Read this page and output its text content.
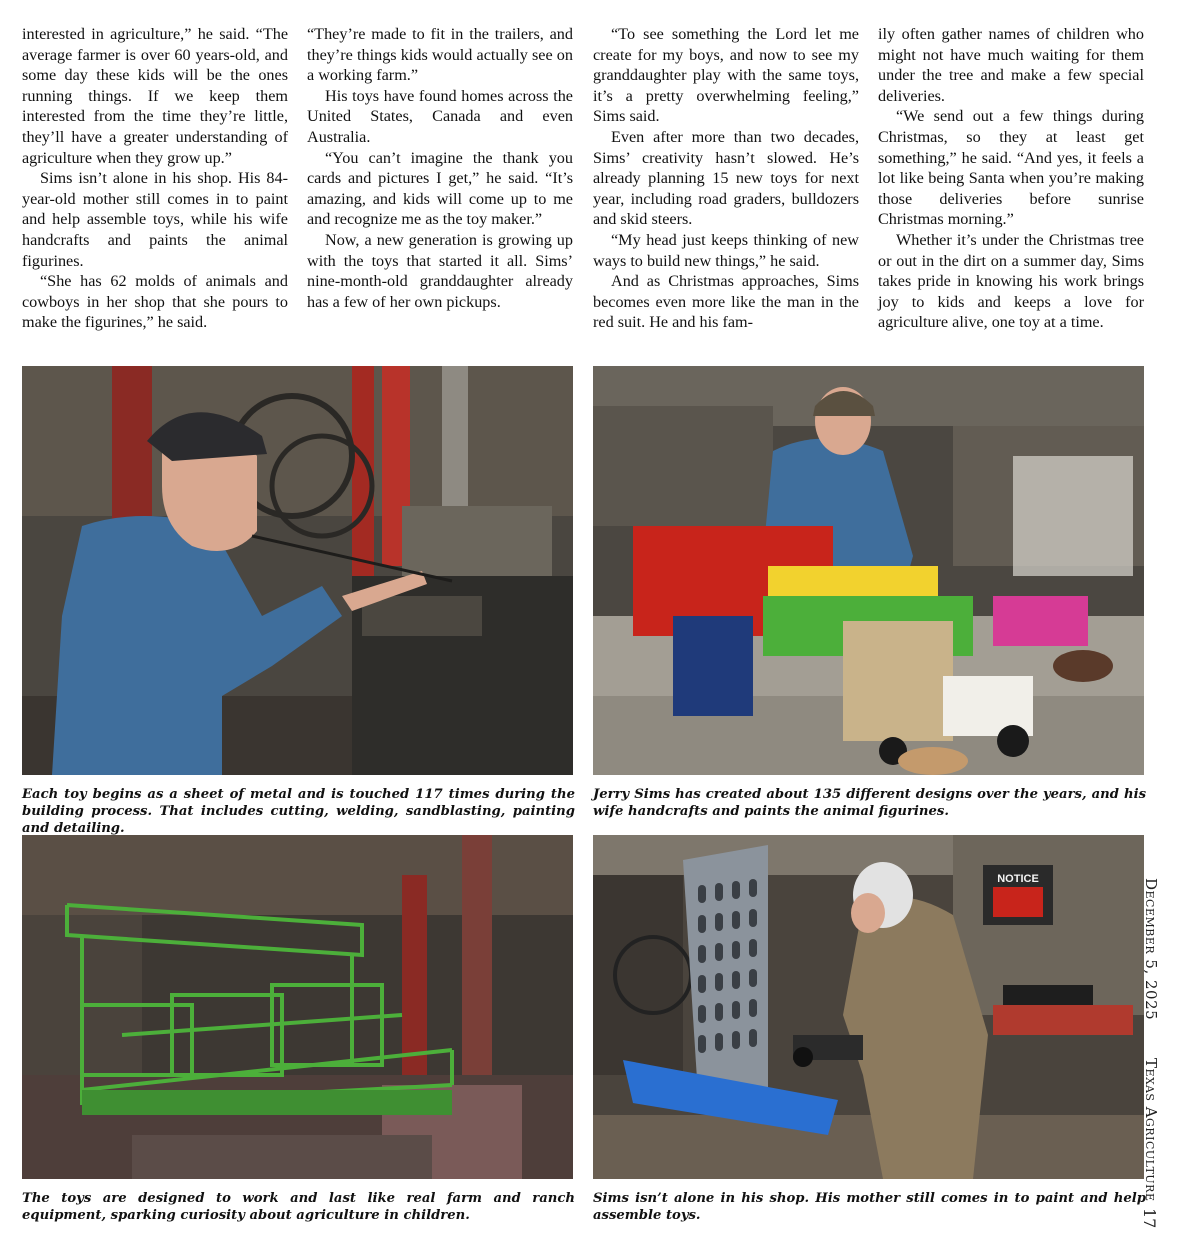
interested in agriculture,” he said. “The average farmer is over 60 years-old, and some day these kids will be the ones running things. If we keep them interested from the time they’re little, they’ll have a greater understanding of agriculture when they grow up.”

Sims isn’t alone in his shop. His 84-year-old mother still comes in to paint and help assemble toys, while his wife handcrafts and paints the animal figurines.

“She has 62 molds of animals and cowboys in her shop that she pours to make the figurines,” he said.

“They’re made to fit in the trailers, and they’re things kids would actually see on a working farm.”

His toys have found homes across the United States, Canada and even Australia.

“You can’t imagine the thank you cards and pictures I get,” he said. “It’s amazing, and kids will come up to me and recognize me as the toy maker.”

Now, a new generation is growing up with the toys that started it all. Sims’ nine-month-old granddaughter already has a few of her own pickups.

“To see something the Lord let me create for my boys, and now to see my granddaughter play with the same toys, it’s a pretty overwhelming feeling,” Sims said.

Even after more than two decades, Sims’ creativity hasn’t slowed. He’s already planning 15 new toys for next year, including road graders, bulldozers and skid steers.

“My head just keeps thinking of new ways to build new things,” he said.

And as Christmas approaches, Sims becomes even more like the man in the red suit. He and his fam-

ily often gather names of children who might not have much waiting for them under the tree and make a few special deliveries.

“We send out a few things during Christmas, so they at least get something,” he said. “And yes, it feels a lot like being Santa when you’re making those deliveries before sunrise Christmas morning.”

Whether it’s under the Christmas tree or out in the dirt on a summer day, Sims takes pride in knowing his work brings joy to kids and keeps a love for agriculture alive, one toy at a time.

NOTICE
Each toy begins as a sheet of metal and is touched 117 times during the building process. That includes cutting, welding, sandblasting, painting and detailing.
Jerry Sims has created about 135 different designs over the years, and his wife handcrafts and paints the animal figurines.
The toys are designed to work and last like real farm and ranch equipment, sparking curiosity about agriculture in children.
Sims isn’t alone in his shop. His mother still comes in to paint and help assemble toys.
December 5, 2025
Texas Agriculture
17
